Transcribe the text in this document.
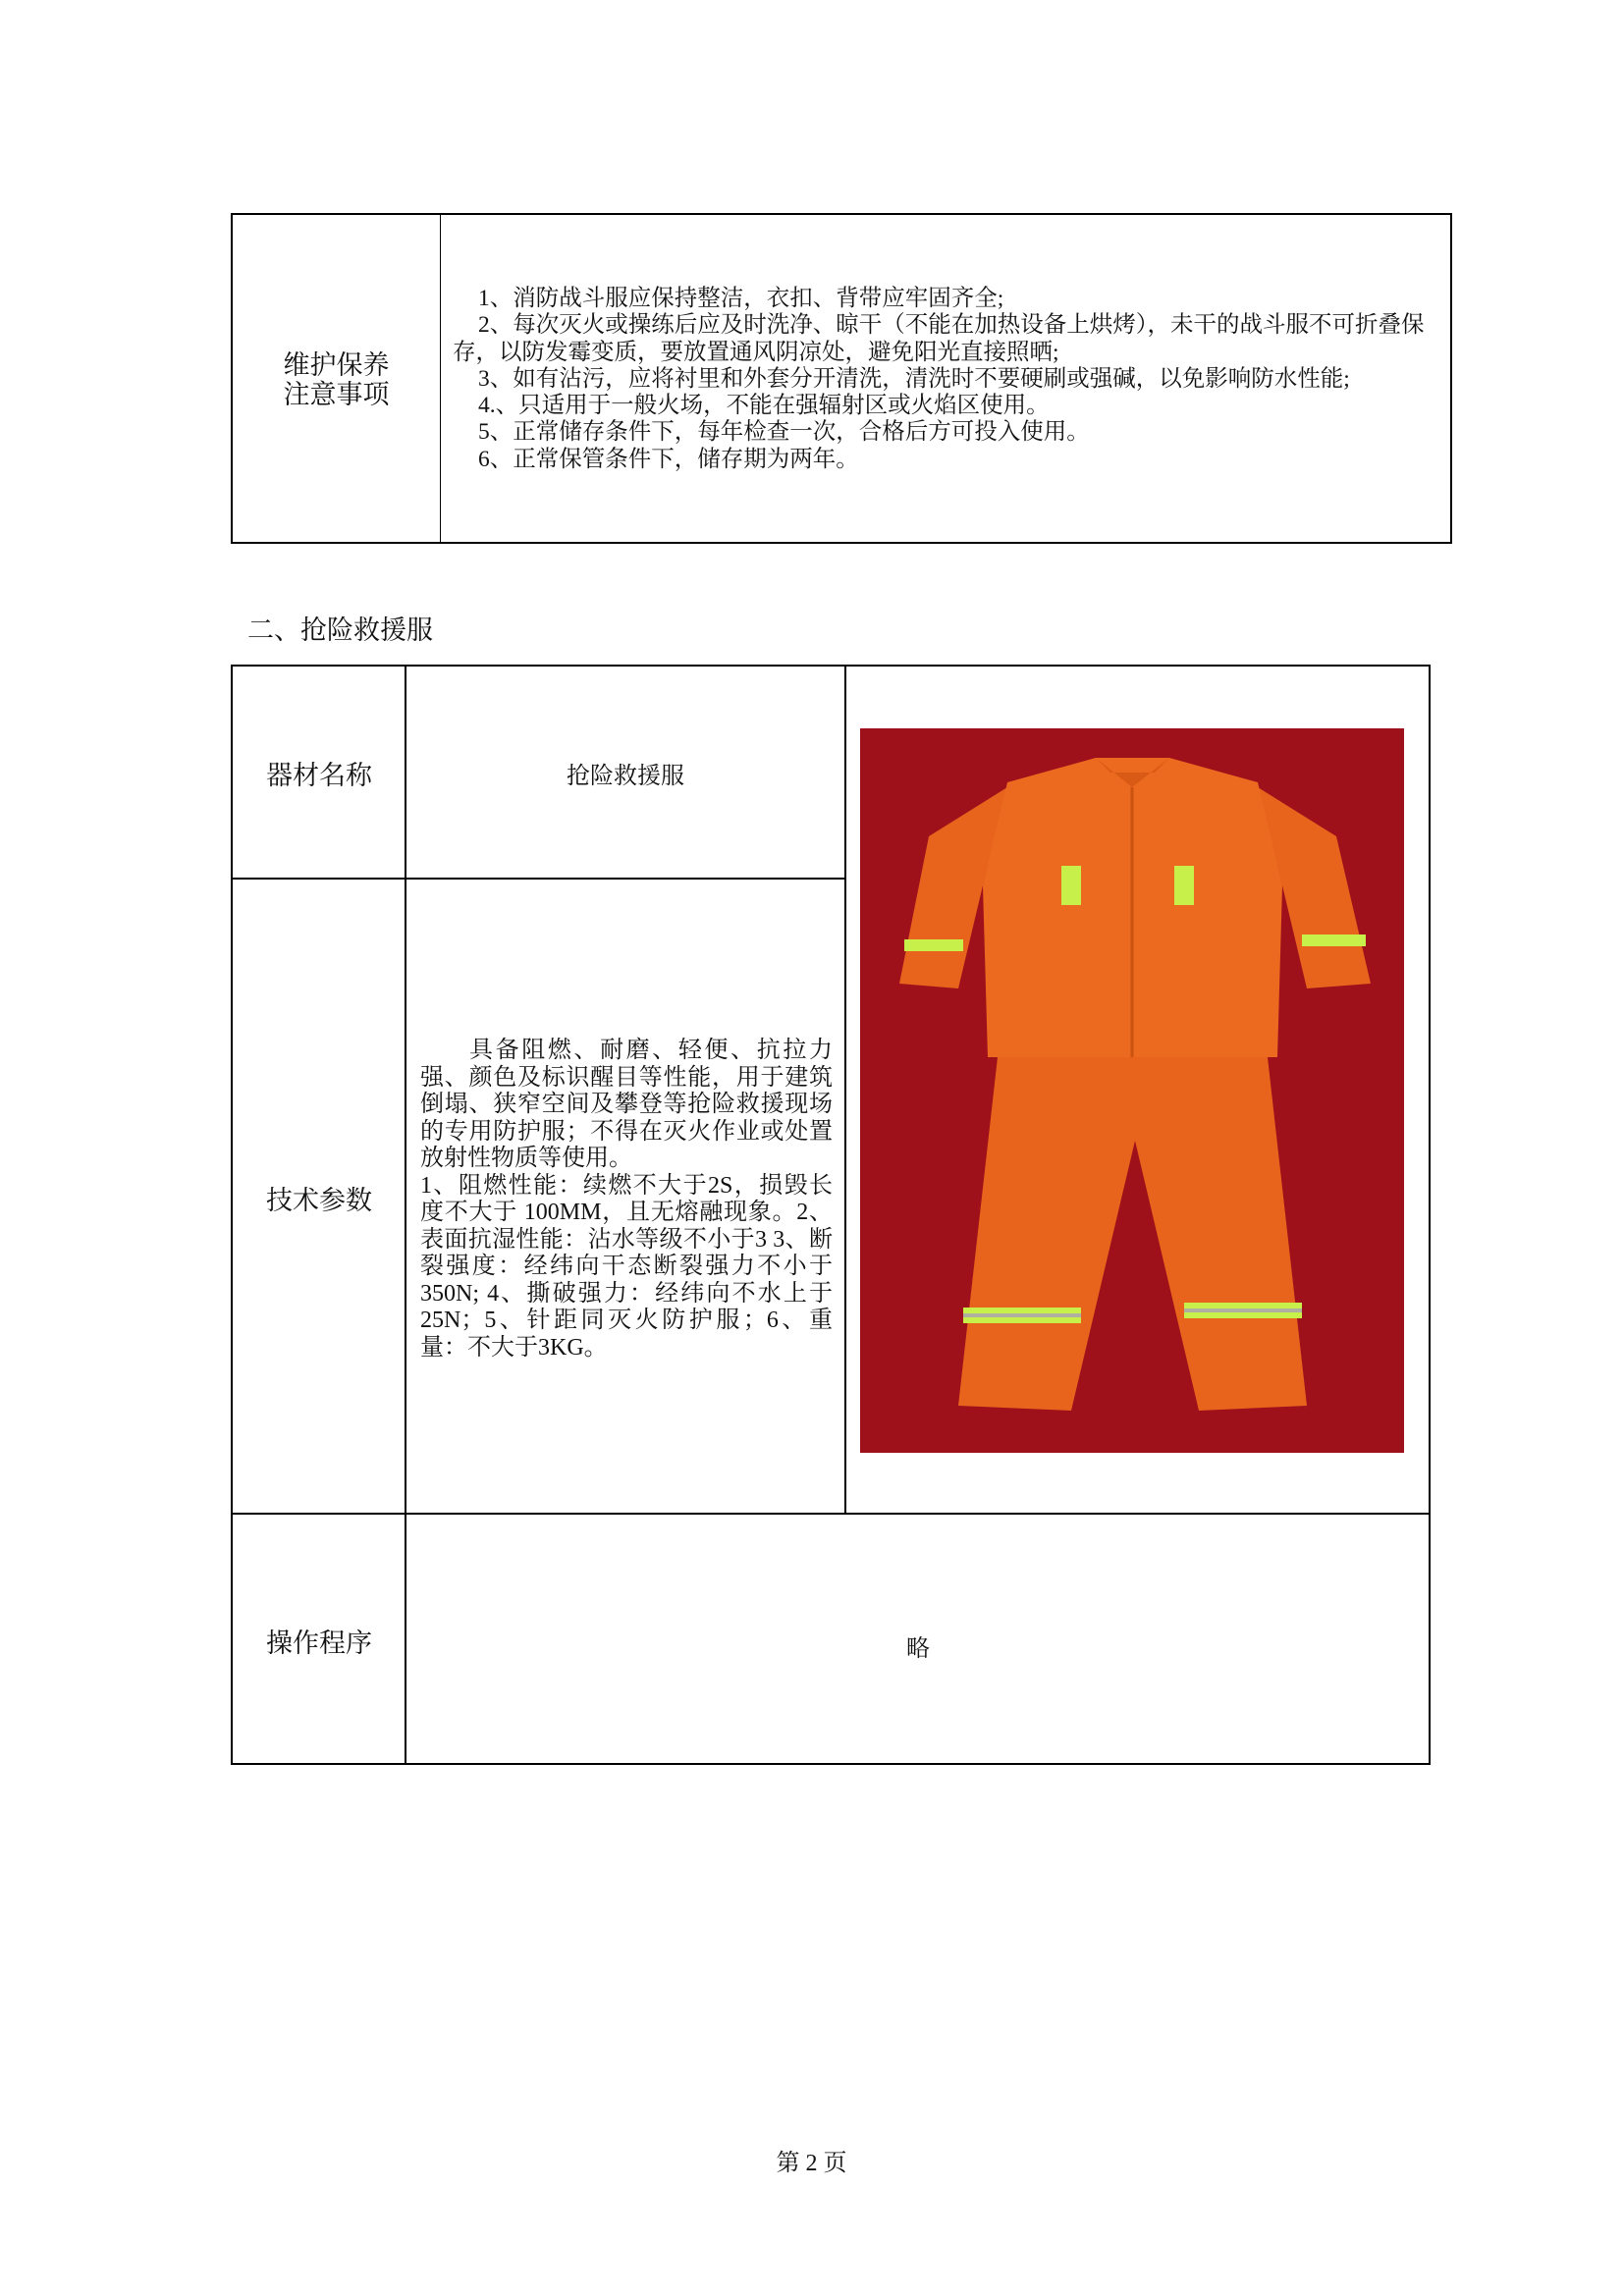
维护保养
注意事项

1、消防战斗服应保持整洁，衣扣、背带应牢固齐全;

2、每次灭火或操练后应及时洗净、晾干（不能在加热设备上烘烤），未干的战斗服不可折叠保存，以防发霉变质，要放置通风阴凉处，避免阳光直接照晒;

3、如有沾污，应将衬里和外套分开清洗，清洗时不要硬刷或强碱，以免影响防水性能;

4.、只适用于一般火场，不能在强辐射区或火焰区使用。

5、正常储存条件下，每年检查一次，合格后方可投入使用。

6、正常保管条件下，储存期为两年。

二、抢险救援服
器材名称	抢险救援服
技术参数

具备阻燃、耐磨、轻便、抗拉力强、颜色及标识醒目等性能，用于建筑倒塌、狭窄空间及攀登等抢险救援现场的专用防护服；不得在灭火作业或处置放射性物质等使用。

1、阻燃性能：续燃不大于2S，损毁长度不大于 100MM，且无熔融现象。2、表面抗湿性能：沾水等级不小于3 3、断裂强度：经纬向干态断裂强力不小于350N; 4、撕破强力：经纬向不水上于25N；5、针距同灭火防护服；6、重量：不大于3KG。

操作程序	略
第 2 页
